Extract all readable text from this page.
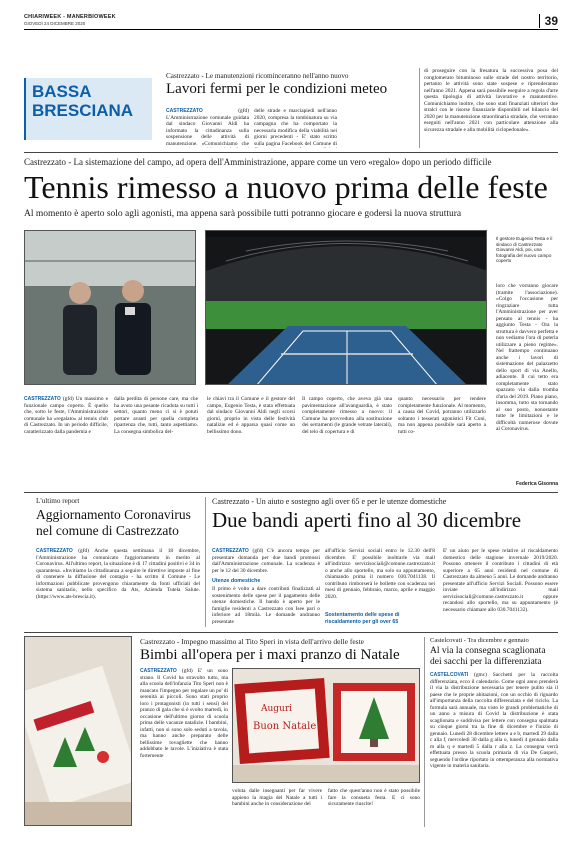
CHIARIWEEK - MANERBIOWEEK
GIOVEDÌ 24 DICEMBRE 2020	39
BASSA
BRESCIANA
Castrezzato - Le manutenzioni ricominceranno nell'anno nuovo
Lavori fermi per le condizioni meteo
CASTREZZATO	(gfd) L'Amministrazione comunale guidata dal sindaco Giovanni Aldi ha informato la cittadinanza sulla sospensione delle attività di manutenzione. «Comunichiamo che
delle strade e marciapiedi nell'anno 2020, compresa la tombinatura su via campagna che ha comportato la necessaria modifica della viabilità nei giorni precedenti - E' stato scritto sulla pagina Facebook del Comune di
di proseguire con la fresatura la successiva posa del conglomerato bituminoso sulle strade del nostro territorio, pertanto le attività sono state sospese e riprenderanno nell'anno 2021. Appena sarà possibile eseguire a regola d'arte questa tipologia di attività lavorative e manutentive. Comunichiamo inoltre, che sono stati finanziati ulteriori due stralci con le risorse finanziarie disponibili nel bilancio del 2020 per la manutenzione straordinaria stradale, che verranno eseguiti nell'anno 2021 con particolare attenzione alla sicurezza stradale e alla mobilità ciclopedonale».
Castrezzato - La sistemazione del campo, ad opera dell'Amministrazione, appare come un vero «regalo» dopo un periodo difficile
Tennis rimesso a nuovo prima delle feste
Al momento è aperto solo agli agonisti, ma appena sarà possibile tutti potranno giocare e godersi la nuova struttura
Il gestore Eugenio Testa e il sindaco di Castrezzato Giovanni Aldi, poi, una fotografia del nuovo campo coperto
CASTREZZATO (gfd) Un massimo e funzionale campo coperto. È quello che, sotto le feste, l'Amministrazione comunale ha «regalato» al tennis club di Castrezzato. In un periodo difficile, caratterizzato dalla pandemia e
dalla perdita di persone care, ma che ha avuto una pesante ricaduta su tutti i settori, quanto meno ci si è potuti portare avanti per quella completa ripartenza che, tutti, tanto aspettiamo. La consegna simbolica del-
le chiavi tra il Comune e il gestore del campo, Eugenio Testa, è stata effettuata dal sindaco Giovanni Aldi negli scorsi giorni, proprio in vista delle festività natalizie ed è apparsa quasi come un bellissimo dono.
Il campo coperto, che aveva già una pavimentazione all'avanguardia, è stato completamente rimesso a nuovo: il Comune ha provveduto alla sostituzione dei serramenti (le grande vetrate laterali), del telo di copertura e di
quanto necessario per rendere completamente funzionale. Al momento, a causa del Covid, potranno utilizzarlo soltanto i tesserati agonistici Fit Coni, ma non appena possibile sarà aperto a tutti co-
loro che vorranno giocare (tramite l'associazione). «Colgo l'occasione per ringraziare tutta l'Amministrazione per aver pensato al tennis - ha aggiunto Testa - Ora la struttura è davvero perfetta e non vediamo l'ora di poterla utilizzare a pieno regime». Nel frattempo continuano anche i lavori di sistemazione del palazzetto dello sport di via Anello, adiacente. Il cui tetto era completamente stato spazzato via dalla tromba d'aria del 2019. Piano piano, insomma, tutto sta tornando al suo posto, nonostante tutte le limitazioni e le difficoltà numerose dovute al Coronavirus.
Federica Gisonna
L'ultimo report
Aggiornamento Coronavirus
nel comune di Castrezzato
CASTREZZATO (gfd) Anche questa settimana il 18 dicembre, l'Amministrazione ha comunicato l'aggiornamento in merito al Coronavirus. All'ultimo report, la situazione è di 17 cittadini positivi e 34 in quarantena. «Invitiamo la cittadinanza a seguire le direttive imposte al fine di contenere la diffusione del contagio - ha scritto il Comune - Le informazioni pubblicate provengono chiaramente da fonti ufficiali del sistema sanitario, nello specifico da Ats, Azienda Tutela Salute. (https://www.ats-brescia.it).
Castrezzato - Un aiuto e sostegno agli over 65 e per le utenze domestiche
Due bandi aperti fino al 30 dicembre
CASTREZZATO (gfd) C'è ancora tempo per presentare domanda per due bandi promossi dall'Amministrazione comunale. La scadenza è per le 12 del 30 dicembre.
Utenze domestiche
Il primo è volto a dare contributi finalizzati al sostenimento delle spese per il pagamento delle utenze domestiche. Il bando è aperto per le famiglie residenti a Castrezzato con Isee pari o inferiore ad 18mila. Le domande andranno presentate
all'ufficio Servizi sociali entro le 12.30 dell'8 dicembre. E' possibile inoltrarle via mail all'indirizzo servizisociali@comune.castrezzato.it o anche allo sportello, ma solo su appuntamento, chiamando prima il numero 030.7041138. Il contributo rimborserà le bollette con scadenza nei mesi di gennaio, febbraio, marzo, aprile e maggio 2020.
Sostentamento delle spese di riscaldamento per gli over 65
E' un aiuto per le spese relative al riscaldamento domestico delle stagione invernale 2019/2020. Possono ottenere il contributo i cittadini di età superiore a 65 anni residenti nel comune di Castrezzato da almeno 5 anni. Le domande andranno presentate all'ufficio Servizi Sociali. Possono essere inviate all'indirizzo mail servizisociali@comune.castrezzato.it oppure recandosi allo sportello, ma su appuntamento (è necessario chiamare allo 030.7041132).
Castrezzato - Impegno massimo al Tito Speri in vista dell'arrivo delle feste
Bimbi all'opera per i maxi pranzo di Natale
CASTREZZATO (gfd) E' un sono strano. Il Covid ha stravolto tutto, ma alla scuola dell'infanzia Tito Speri non è mancato l'impegno per regalare un po' di serenità ai piccoli. Sono stati proprio loro i protagonisti (in tutti i sensi) del pranzo di gala che si è svolto martedì, in occasione dell'ultimo giorno di scuola prima delle vacanze natalizie. I bambini, infatti, non si sono solo seduti a tavola, ma hanno anche preparato delle bellissime tovagliette che hanno addobbato le tavole. L'iniziativa è stata fortemente
Auguri
Buon Natale
voluta dalle insegnanti per far vivere appieno la magia del Natale a tutti i bambini anche in considerazione del
fatto che quest'anno non è stato possibile fare la consueta festa. E ci sono sicuramente riuscite!
Castelcovati - Tra dicembre e gennaio
Al via la consegna scaglionata
dei sacchi per la differenziata
CASTELCOVATI (gmc) Sacchetti per la raccolta differenziata, ecco il calendario. Come ogni anno prenderà il via la distribuzione necessaria per tenere pulito sia il paese che le proprie abitazioni, con un occhio di riguardo all'importanza della raccolta differenziata e del riciclo. La formula sarà annuale, ma visto le grandi problematiche di un anno a misura di Covid la distribuzione è stata scaglionata e suddivisa per lettere con consegna spalmata su cinque giorni tra la fine di dicembre e l'inizio di gennaio. Lunedì 28 dicembre lettere a e b, martedì 29 dalla c alla f, mercoledì 30 dalla g alla o, lunedì 4 gennaio dalla m alla q e martedì 5 dalla r alla z. La consegna verrà effettuata presso la scuola primaria di via De Gasperi, seguendo l'ordine riportato in ottemperanza alla normativa vigente in materia sanitaria.
